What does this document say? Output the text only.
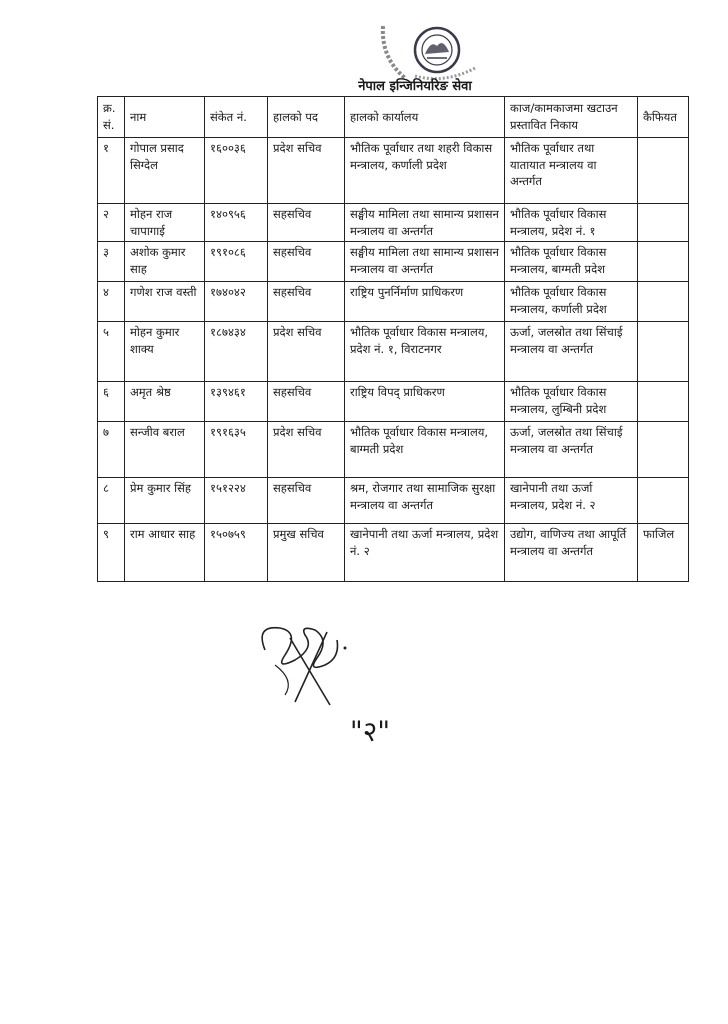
नेपाल इन्जिनियरिङ सेवा
क्र. सं.	नाम	संकेत नं.	हालको पद	हालको कार्यालय	काज/कामकाजमा खटाउन प्रस्तावित निकाय	कैफियत
१	गोपाल प्रसाद सिग्देल	१६००३६	प्रदेश सचिव	भौतिक पूर्वाधार तथा शहरी विकास मन्त्रालय, कर्णाली प्रदेश	भौतिक पूर्वाधार तथा यातायात मन्त्रालय वा अन्तर्गत	
२	मोहन राज चापागाई	१४०९५६	सहसचिव	सङ्घीय मामिला तथा सामान्य प्रशासन मन्त्रालय वा अन्तर्गत	भौतिक पूर्वाधार विकास मन्त्रालय, प्रदेश नं. १	
३	अशोक कुमार साह	१९१०८६	सहसचिव	सङ्घीय मामिला तथा सामान्य प्रशासन मन्त्रालय वा अन्तर्गत	भौतिक पूर्वाधार विकास मन्त्रालय, बाग्मती प्रदेश	
४	गणेश राज वस्ती	१७४०४२	सहसचिव	राष्ट्रिय पुनर्निर्माण प्राधिकरण	भौतिक पूर्वाधार विकास मन्त्रालय, कर्णाली प्रदेश	
५	मोहन कुमार शाक्य	१८७४३४	प्रदेश सचिव	भौतिक पूर्वाधार विकास मन्त्रालय, प्रदेश नं. १, विराटनगर	ऊर्जा, जलस्रोत तथा सिंचाई मन्त्रालय वा अन्तर्गत	
६	अमृत श्रेष्ठ	१३९४६१	सहसचिव	राष्ट्रिय विपद् प्राधिकरण	भौतिक पूर्वाधार विकास मन्त्रालय, लुम्बिनी प्रदेश	
७	सन्जीव बराल	१९१६३५	प्रदेश सचिव	भौतिक पूर्वाधार विकास मन्त्रालय, बाग्मती प्रदेश	ऊर्जा, जलस्रोत तथा सिंचाई मन्त्रालय वा अन्तर्गत	
८	प्रेम कुमार सिंह	१५१२२४	सहसचिव	श्रम, रोजगार तथा सामाजिक सुरक्षा मन्त्रालय वा अन्तर्गत	खानेपानी तथा ऊर्जा मन्त्रालय, प्रदेश नं. २	
९	राम आधार साह	१५०७५९	प्रमुख सचिव	खानेपानी तथा ऊर्जा मन्त्रालय, प्रदेश नं. २	उद्योग, वाणिज्य तथा आपूर्ति मन्त्रालय वा अन्तर्गत	फाजिल
"२"
